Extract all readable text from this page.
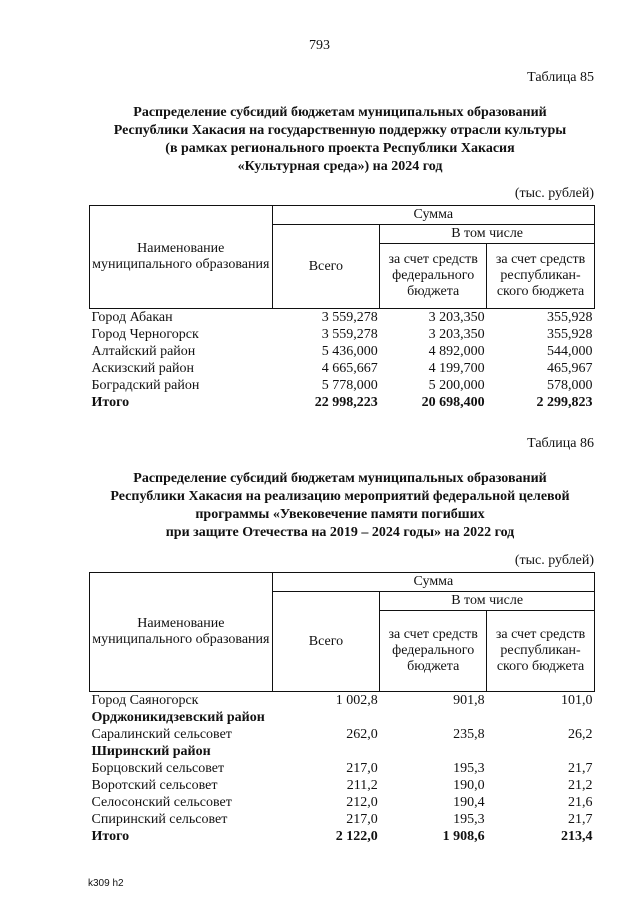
793
Таблица 85
Распределение субсидий бюджетам муниципальных образований
Республики Хакасия на государственную поддержку отрасли культуры
(в рамках регионального проекта Республики Хакасия
«Культурная среда») на 2024 год
(тыс. рублей)
Наименование муниципального образования	Сумма		
	Всего	В том числе	
		за счет средств федерального бюджета	за счет средств республикан-ского бюджета
Город Абакан	3 559,278	3 203,350	355,928
Город Черногорск	3 559,278	3 203,350	355,928
Алтайский район	5 436,000	4 892,000	544,000
Аскизский район	4 665,667	4 199,700	465,967
Боградский район	5 778,000	5 200,000	578,000
Итого	22 998,223	20 698,400	2 299,823
Таблица 86
Распределение субсидий бюджетам муниципальных образований
Республики Хакасия на реализацию мероприятий федеральной целевой
программы «Увековечение памяти погибших
при защите Отечества на 2019 – 2024 годы» на 2022 год
(тыс. рублей)
Наименование муниципального образования	Сумма		
	Всего	В том числе	
		за счет средств федерального бюджета	за счет средств республикан-ского бюджета
Город Саяногорск	1 002,8	901,8	101,0
Орджоникидзевский район			
Саралинский сельсовет	262,0	235,8	26,2
Ширинский район			
Борцовский сельсовет	217,0	195,3	21,7
Воротский сельсовет	211,2	190,0	21,2
Селосонский сельсовет	212,0	190,4	21,6
Спиринский сельсовет	217,0	195,3	21,7
Итого	2 122,0	1 908,6	213,4
k309 h2
